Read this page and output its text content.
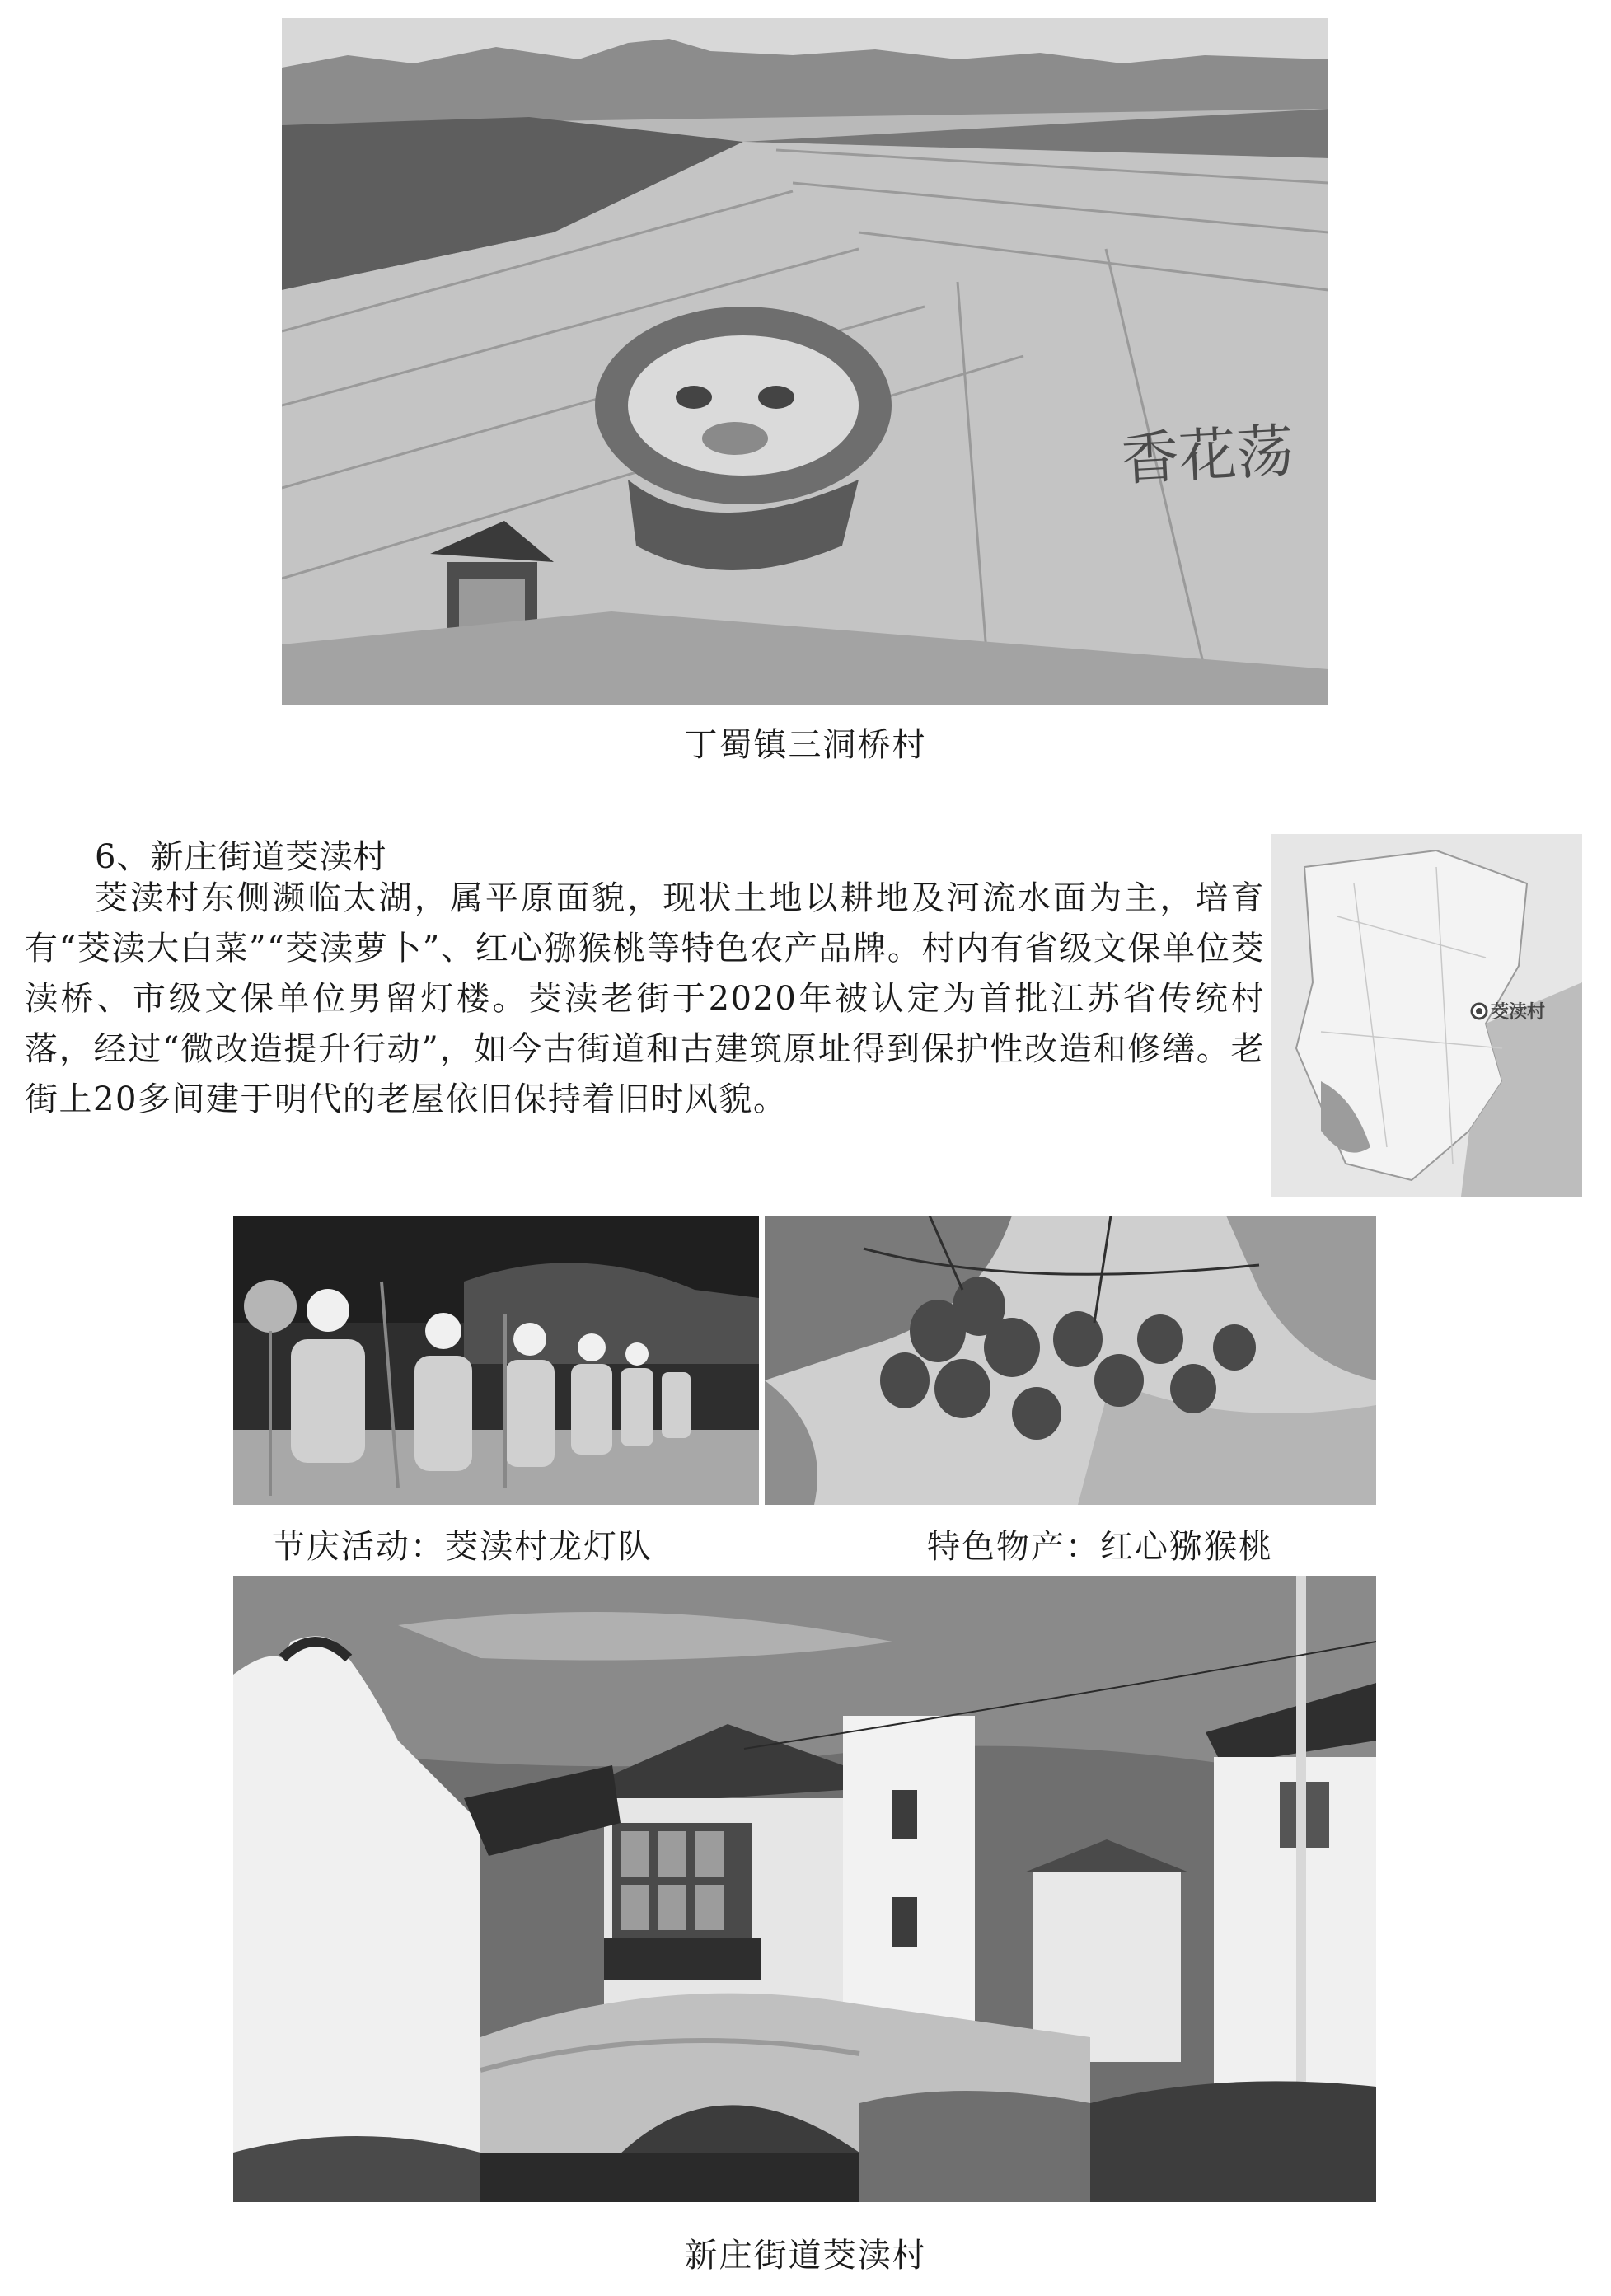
香花荡
丁蜀镇三洞桥村
6、新庄街道茭渎村

茭渎村东侧濒临太湖，属平原面貌，现状土地以耕地及河流水面为主，培育有“茭渎大白菜”“茭渎萝卜”、红心猕猴桃等特色农产品牌。村内有省级文保单位茭渎桥、市级文保单位男留灯楼。茭渎老街于2020年被认定为首批江苏省传统村落，经过“微改造提升行动”，如今古街道和古建筑原址得到保护性改造和修缮。老街上20多间建于明代的老屋依旧保持着旧时风貌。

茭渎村
节庆活动：茭渎村龙灯队	特色物产：红心猕猴桃
新庄街道茭渎村
